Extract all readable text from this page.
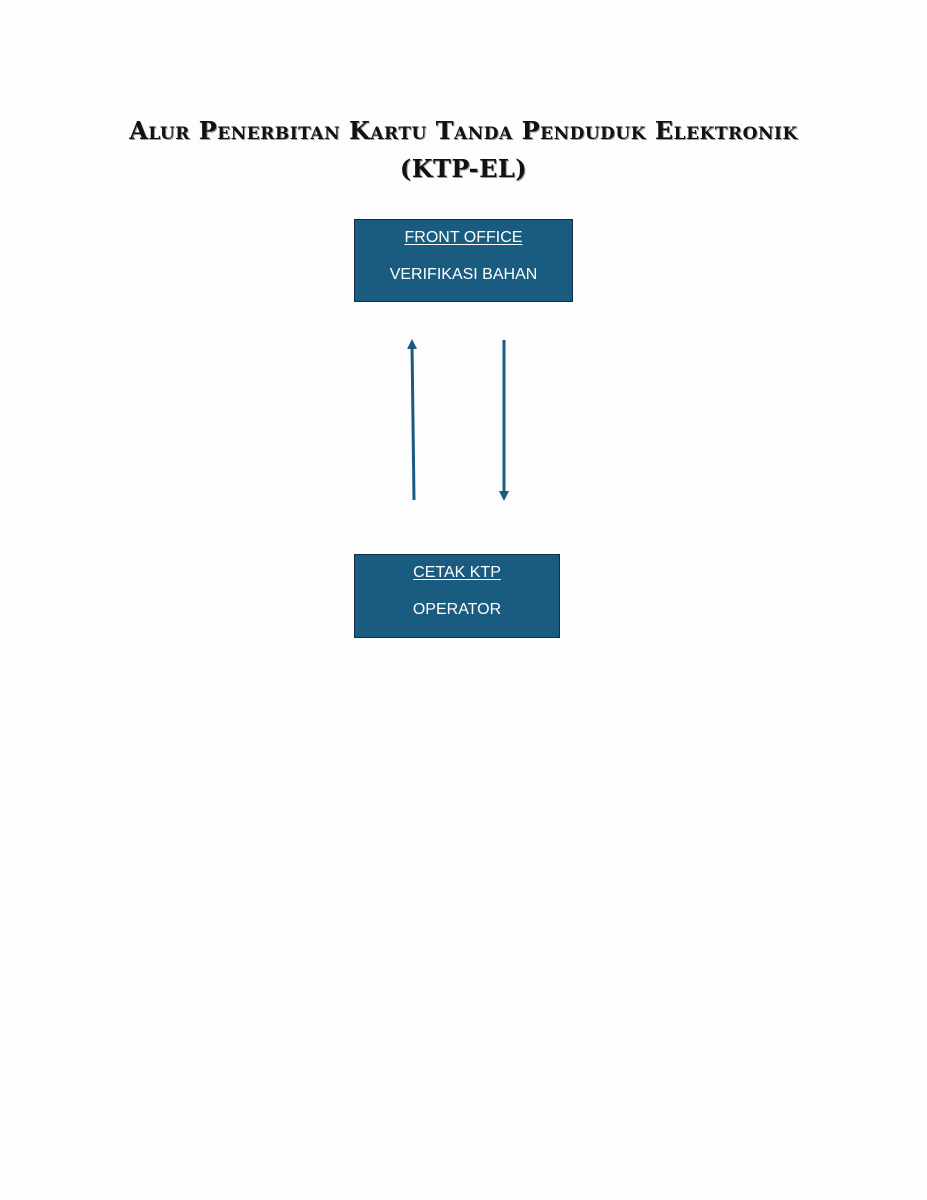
Alur Penerbitan Kartu Tanda Penduduk Elektronik
(KTP-EL)
FRONT OFFICE
VERIFIKASI BAHAN
CETAK KTP
OPERATOR
